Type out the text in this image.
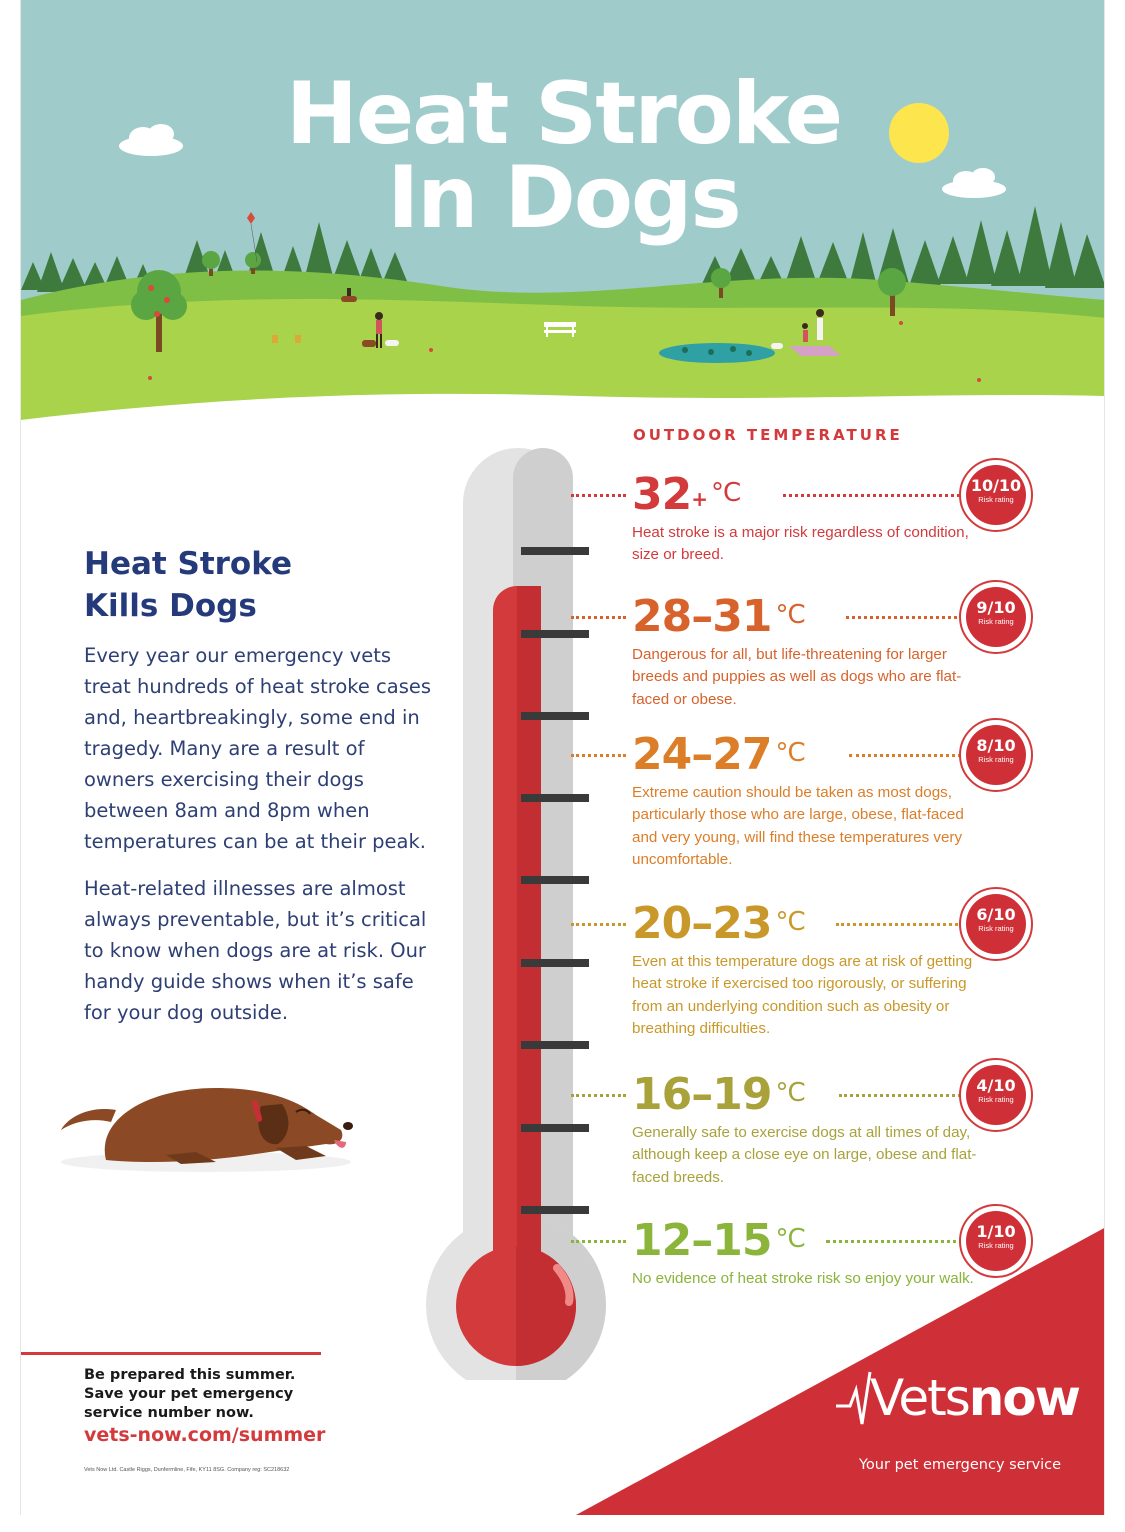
Heat Stroke
In Dogs
Heat Stroke
Kills Dogs

Every year our emergency vets treat hundreds of heat stroke cases and, heartbreakingly, some end in tragedy. Many are a result of owners exercising their dogs between 8am and 8pm when temperatures can be at their peak.

Heat-related illnesses are almost always preventable, but it’s critical to know when dogs are at risk. Our handy guide shows when it’s safe for your dog outside.

···
Be prepared this summer.
Save your pet emergency
service number now.
vets-now.com/summer
Vets Now Ltd. Castle Riggs, Dunfermline, Fife, KY11 8SG. Company reg: SC218632
OUTDOOR TEMPERATURE
32+ $^{^\circ C}$
Heat stroke is a major risk regardless of condition, size or breed.
10/10
Risk rating
28–31 $^{^\circ C}$
Dangerous for all, but life-threatening for larger breeds and puppies as well as dogs who are flat-faced or obese.
9/10
Risk rating
24–27 $^{^\circ C}$
Extreme caution should be taken as most dogs, particularly those who are large, obese, flat-faced and very young, will find these temperatures very uncomfortable.
8/10
Risk rating
20–23 $^{^\circ C}$
Even at this temperature dogs are at risk of getting heat stroke if exercised too rigorously, or suffering from an underlying condition such as obesity or breathing difficulties.
6/10
Risk rating
16–19 $^{^\circ C}$
Generally safe to exercise dogs at all times of day, although keep a close eye on large, obese and flat-faced breeds.
4/10
Risk rating
12–15 $^{^\circ C}$
No evidence of heat stroke risk so enjoy your walk.
1/10
Risk rating
Vetsnow
Your pet emergency service
